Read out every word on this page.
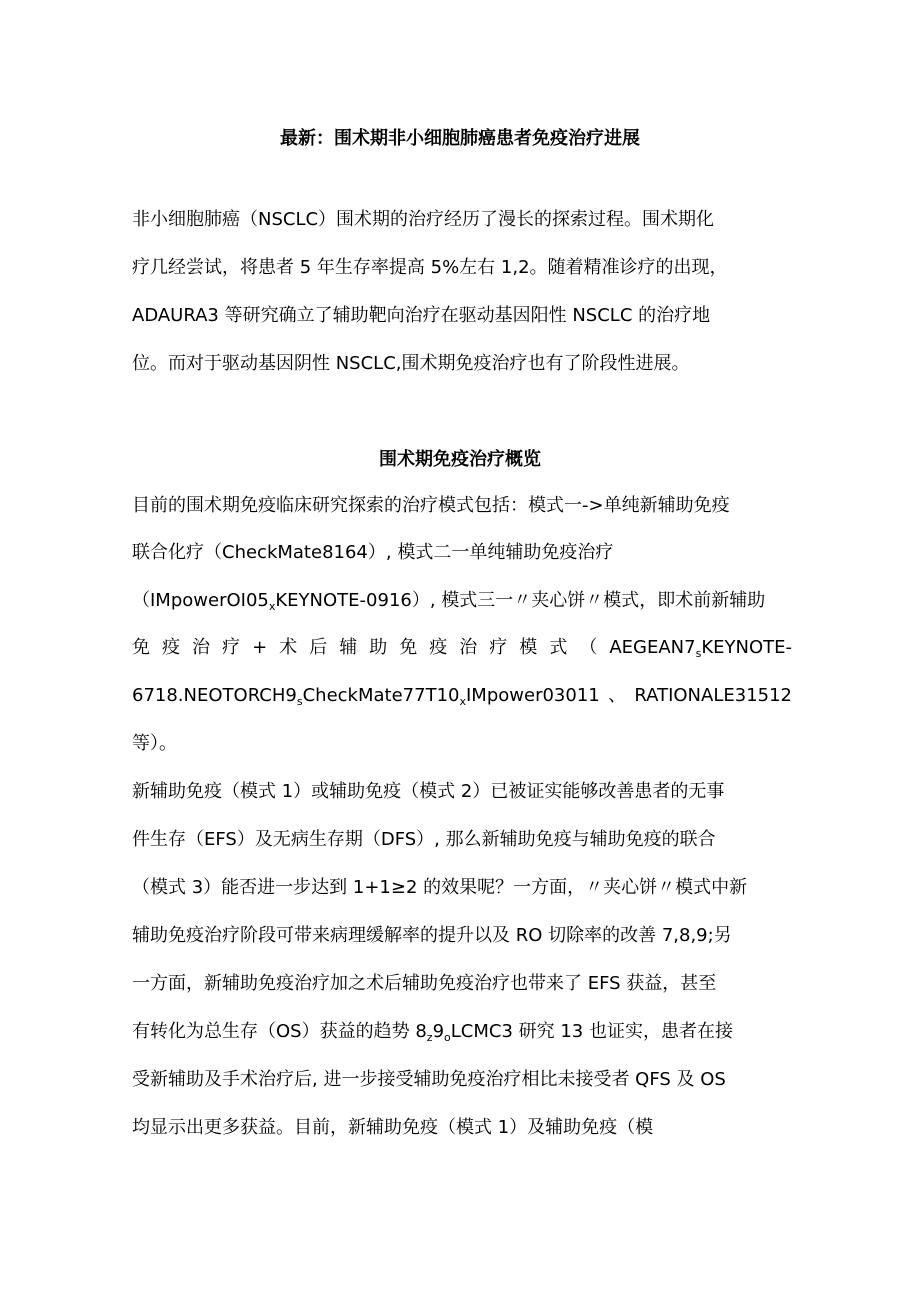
最新：围术期非小细胞肺癌患者免疫治疗进展
非小细胞肺癌（NSCLC）围术期的治疗经历了漫长的探索过程。围术期化
疗几经尝试，将患者 5 年生存率提高 5%左右 1,2。随着精准诊疗的出现，
ADAURA3 等研究确立了辅助靶向治疗在驱动基因阳性 NSCLC 的治疗地
位。而对于驱动基因阴性 NSCLC,围术期免疫治疗也有了阶段性进展。
围术期免疫治疗概览
目前的围术期免疫临床研究探索的治疗模式包括：模式一->单纯新辅助免疫
联合化疗（CheckMate8164）, 模式二一单纯辅助免疫治疗
$(IMpowerOI05_xKEYNOTE-0916)$, 模式三一〃夹心饼〃模式，即术前新辅助
免 疫 治 疗 + 术 后 辅 助 免 疫 治 疗 模 式 （ $AEGEAN7_sKEYNOTE-$
$6718.NEOTORCH9_sCheckMate77T10_xIMpower03011$ 、 RATIONALE31512
等）。
新辅助免疫（模式 1）或辅助免疫（模式 2）已被证实能够改善患者的无事
件生存（EFS）及无病生存期（DFS）, 那么新辅助免疫与辅助免疫的联合
（模式 3）能否进一步达到 1+1≥2 的效果呢？一方面，〃夹心饼〃模式中新
辅助免疫治疗阶段可带来病理缓解率的提升以及 RO 切除率的改善 7,8,9;另
一方面，新辅助免疫治疗加之术后辅助免疫治疗也带来了 EFS 获益，甚至
有转化为总生存（OS）获益的趋势 $8_z9_oLCMC3$ 研究 13 也证实，患者在接
受新辅助及手术治疗后, 进一步接受辅助免疫治疗相比未接受者 QFS 及 OS
均显示出更多获益。目前，新辅助免疫（模式 1）及辅助免疫（模
